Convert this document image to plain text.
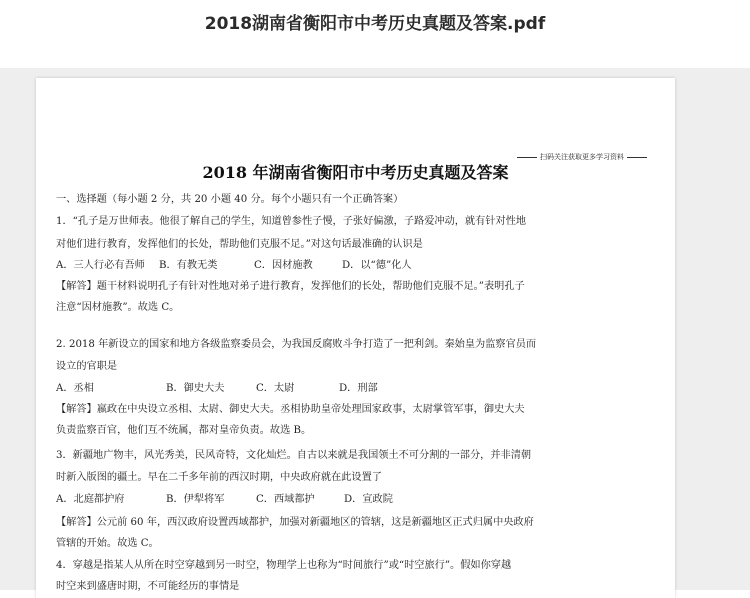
2018湖南省衡阳市中考历史真题及答案.pdf
扫码关注获取更多学习资料
2018 年湖南省衡阳市中考历史真题及答案
一、选择题（每小题 2 分，共 20 小题 40 分。每个小题只有一个正确答案）
1．“孔子是万世师表。他很了解自己的学生，知道曾参性子慢，子张好偏激，子路爱冲动，就有针对性地
对他们进行教育，发挥他们的长处，帮助他们克服不足。”对这句话最准确的认识是
A．三人行必有吾师 B．有教无类	C．因材施教	D．以“德”化人
【解答】题干材料说明孔子有针对性地对弟子进行教育，发挥他们的长处，帮助他们克服不足。”表明孔子
注意“因材施教”。故选 C。
2. 2018 年新设立的国家和地方各级监察委员会，为我国反腐败斗争打造了一把利剑。秦始皇为监察官员而
设立的官职是
A．丞相	B．御史大夫	C．太尉	D．刑部
【解答】嬴政在中央设立丞相、太尉、御史大夫。丞相协助皇帝处理国家政事，太尉掌管军事，御史大夫
负责监察百官，他们互不统属，都对皇帝负责。故选 B。
3．新疆地广物丰，风光秀美，民风奇特，文化灿烂。自古以来就是我国领土不可分割的一部分，并非清朝
时新入版图的疆土。早在二千多年前的西汉时期，中央政府就在此设置了
A．北庭都护府	B．伊犁将军	C．西域都护	D．宣政院
【解答】公元前 60 年，西汉政府设置西域都护，加强对新疆地区的管辖，这是新疆地区正式归属中央政府
管辖的开始。故选 C。
4．穿越是指某人从所在时空穿越到另一时空，物理学上也称为“时间旅行”或“时空旅行”。假如你穿越
时空来到盛唐时期，不可能经历的事情是
